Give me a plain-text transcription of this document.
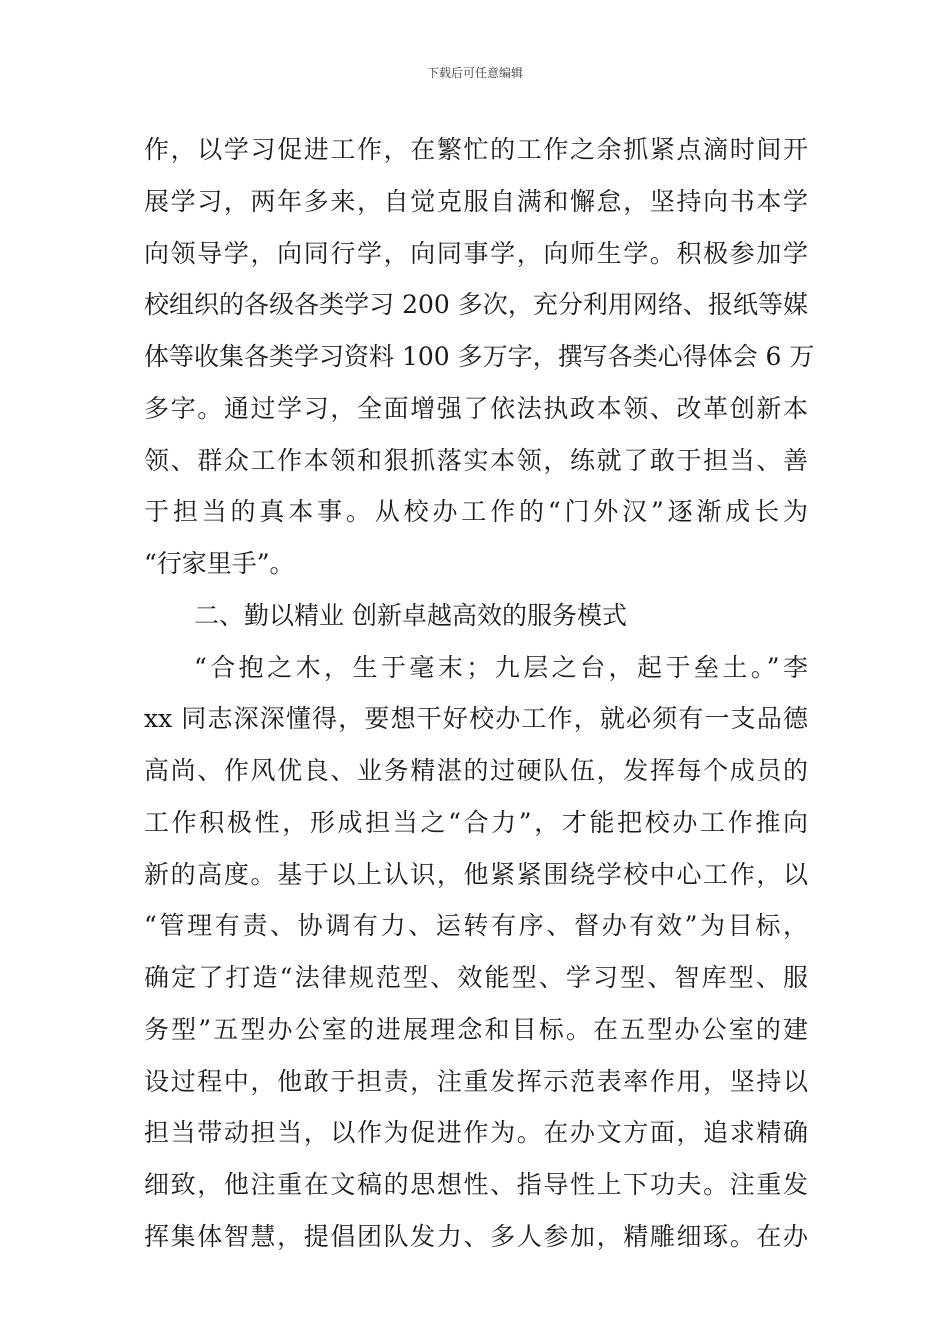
下载后可任意编辑
作，以学习促进工作，在繁忙的工作之余抓紧点滴时间开
展学习，两年多来，自觉克服自满和懈怠，坚持向书本学
向领导学，向同行学，向同事学，向师生学。积极参加学
校组织的各级各类学习 200 多次，充分利用网络、报纸等媒
体等收集各类学习资料 100 多万字，撰写各类心得体会 6 万
多字。通过学习，全面增强了依法执政本领、改革创新本
领、群众工作本领和狠抓落实本领，练就了敢于担当、善
于担当的真本事。从校办工作的“门外汉”逐渐成长为
“行家里手”。
二、勤以精业 创新卓越高效的服务模式
“合抱之木，生于毫末；九层之台，起于垒土。”李
xx 同志深深懂得，要想干好校办工作，就必须有一支品德
高尚、作风优良、业务精湛的过硬队伍，发挥每个成员的
工作积极性，形成担当之“合力”，才能把校办工作推向
新的高度。基于以上认识，他紧紧围绕学校中心工作，以
“管理有责、协调有力、运转有序、督办有效”为目标，
确定了打造“法律规范型、效能型、学习型、智库型、服
务型”五型办公室的进展理念和目标。在五型办公室的建
设过程中，他敢于担责，注重发挥示范表率作用，坚持以
担当带动担当，以作为促进作为。在办文方面，追求精确
细致，他注重在文稿的思想性、指导性上下功夫。注重发
挥集体智慧，提倡团队发力、多人参加，精雕细琢。在办
